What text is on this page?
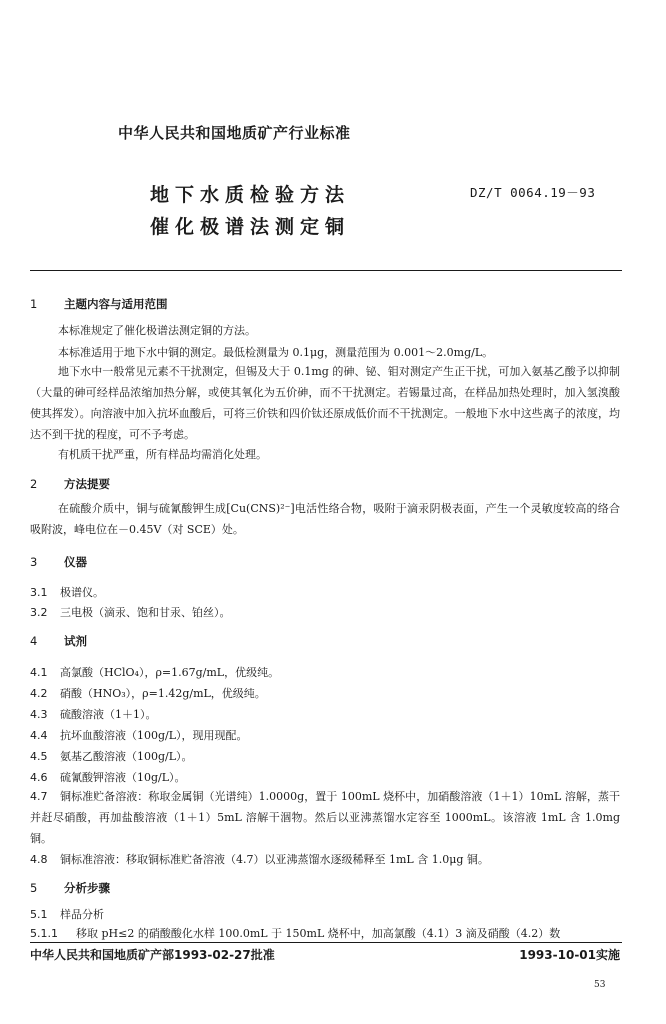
中华人民共和国地质矿产行业标准
地下水质检验方法
催化极谱法测定铜
DZ/T 0064.19－93
1 主题内容与适用范围
本标准规定了催化极谱法测定铜的方法。
本标准适用于地下水中铜的测定。最低检测量为 0.1μg，测量范围为 0.001～2.0mg/L。
地下水中一般常见元素不干扰测定，但锡及大于 0.1mg 的砷、铋、钼对测定产生正干扰，可加入氨基乙酸予以抑制（大量的砷可经样品浓缩加热分解，或使其氧化为五价砷，而不干扰测定。若锡量过高，在样品加热处理时，加入氢溴酸使其挥发）。向溶液中加入抗坏血酸后，可将三价铁和四价钛还原成低价而不干扰测定。一般地下水中这些离子的浓度，均达不到干扰的程度，可不予考虑。
有机质干扰严重，所有样品均需消化处理。
2 方法提要
在硫酸介质中，铜与硫氰酸钾生成[Cu(CNS)²⁻]电活性络合物，吸附于滴汞阴极表面，产生一个灵敏度较高的络合吸附波，峰电位在－0.45V（对 SCE）处。
3 仪器
3.1 极谱仪。
3.2 三电极（滴汞、饱和甘汞、铂丝）。
4 试剂
4.1 高氯酸（HClO₄），ρ=1.67g/mL，优级纯。
4.2 硝酸（HNO₃），ρ=1.42g/mL，优级纯。
4.3 硫酸溶液（1＋1）。
4.4 抗坏血酸溶液（100g/L），现用现配。
4.5 氨基乙酸溶液（100g/L）。
4.6 硫氰酸钾溶液（10g/L）。
4.7 铜标准贮备溶液：称取金属铜（光谱纯）1.0000g，置于 100mL 烧杯中，加硝酸溶液（1＋1）10mL 溶解，蒸干并赶尽硝酸，再加盐酸溶液（1＋1）5mL 溶解干涸物。然后以亚沸蒸馏水定容至 1000mL。该溶液 1mL 含 1.0mg 铜。
4.8 铜标准溶液：移取铜标准贮备溶液（4.7）以亚沸蒸馏水逐级稀释至 1mL 含 1.0μg 铜。
5 分析步骤
5.1 样品分析
5.1.1 移取 pH≤2 的硝酸酸化水样 100.0mL 于 150mL 烧杯中，加高氯酸（4.1）3 滴及硝酸（4.2）数
中华人民共和国地质矿产部1993-02-27批准	1993-10-01实施
53
